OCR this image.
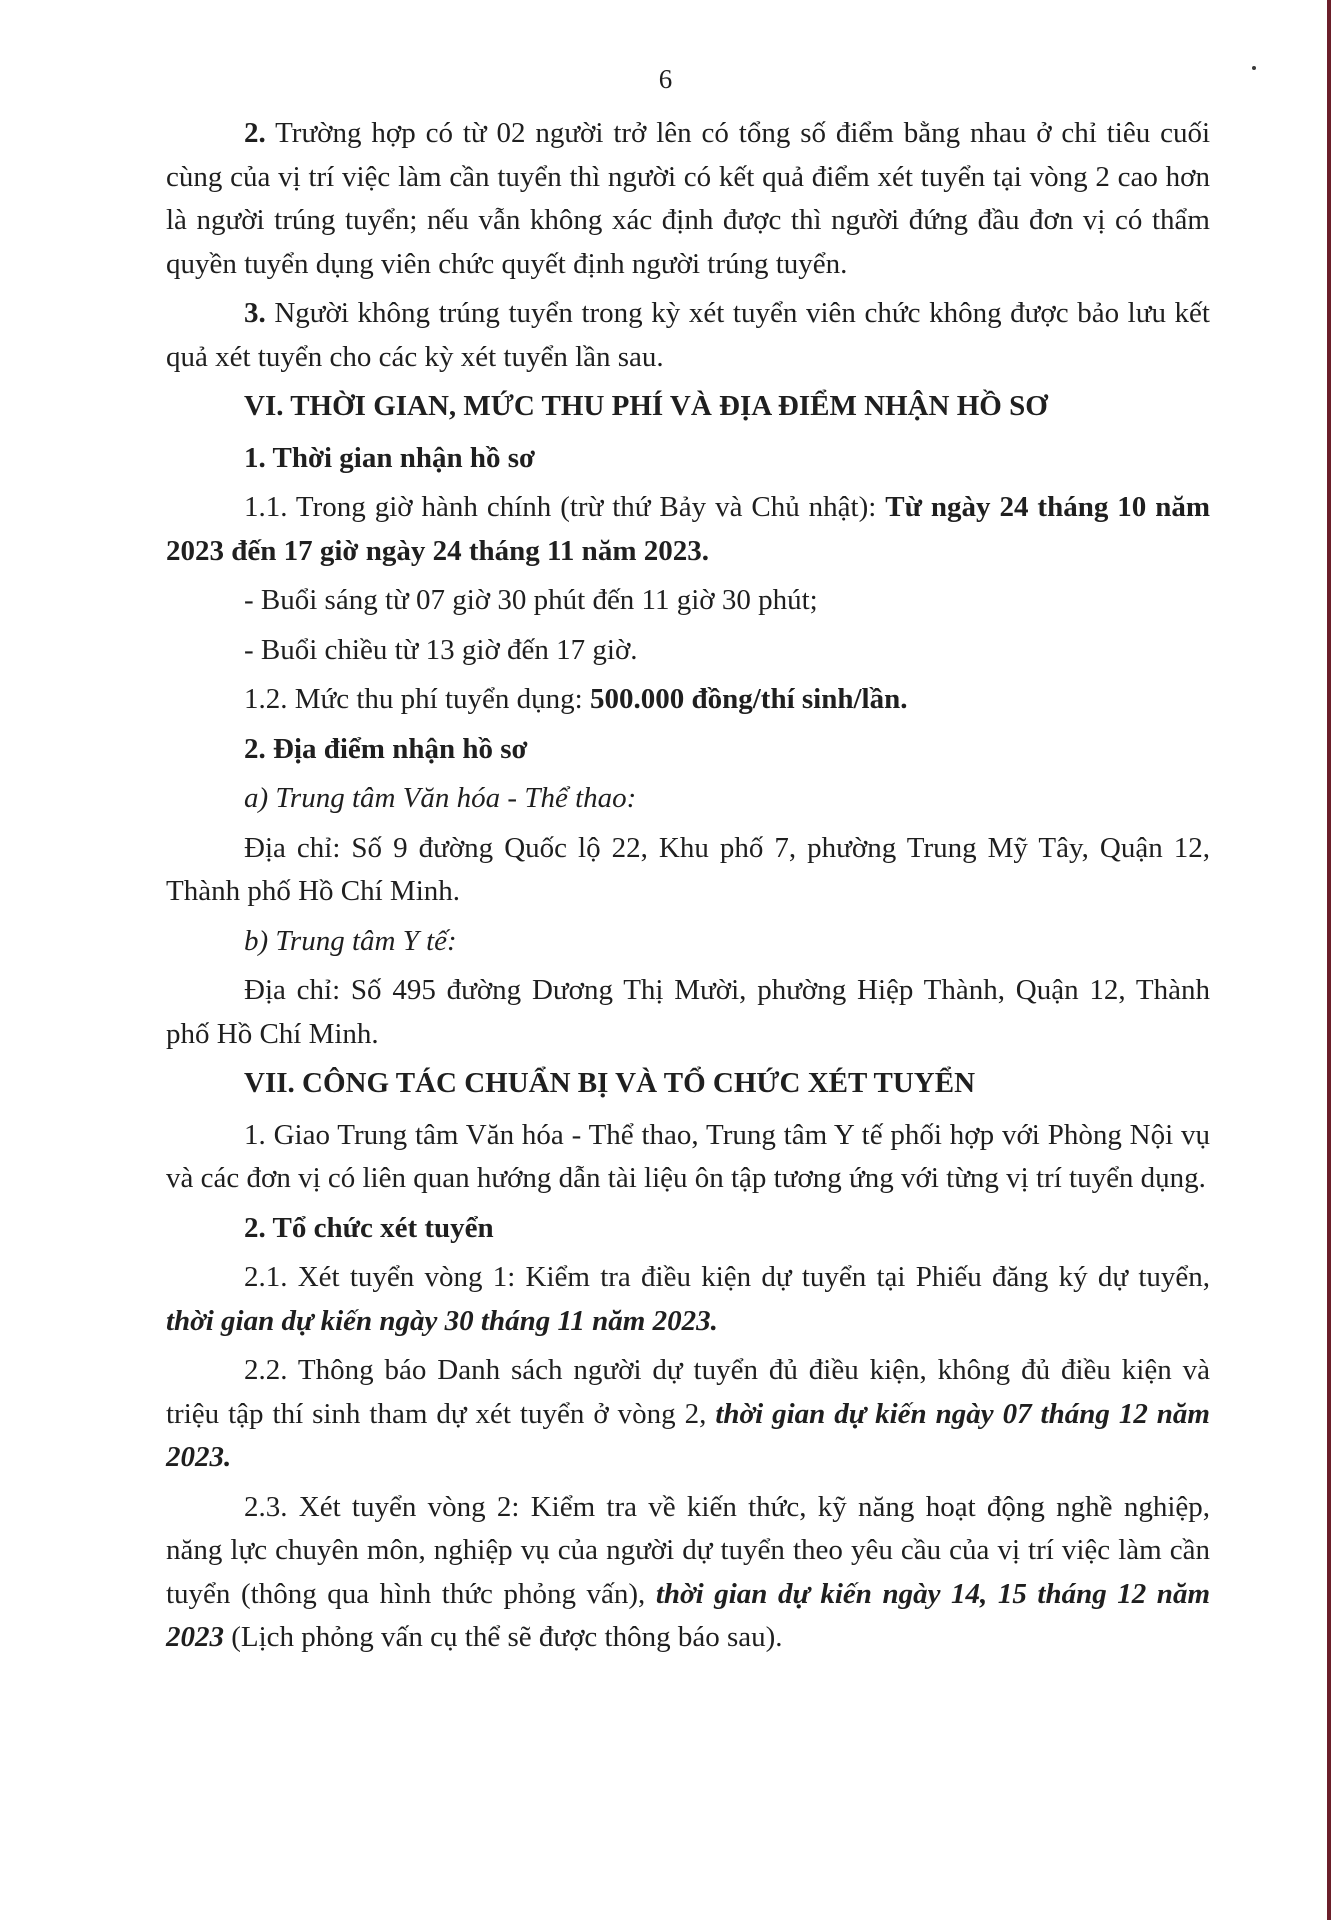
6

2. Trường hợp có từ 02 người trở lên có tổng số điểm bằng nhau ở chỉ tiêu cuối cùng của vị trí việc làm cần tuyển thì người có kết quả điểm xét tuyển tại vòng 2 cao hơn là người trúng tuyển; nếu vẫn không xác định được thì người đứng đầu đơn vị có thẩm quyền tuyển dụng viên chức quyết định người trúng tuyển.

3. Người không trúng tuyển trong kỳ xét tuyển viên chức không được bảo lưu kết quả xét tuyển cho các kỳ xét tuyển lần sau.

VI. THỜI GIAN, MỨC THU PHÍ VÀ ĐỊA ĐIỂM NHẬN HỒ SƠ

1. Thời gian nhận hồ sơ

1.1. Trong giờ hành chính (trừ thứ Bảy và Chủ nhật): Từ ngày 24 tháng 10 năm 2023 đến 17 giờ ngày 24 tháng 11 năm 2023.

- Buổi sáng từ 07 giờ 30 phút đến 11 giờ 30 phút;

- Buổi chiều từ 13 giờ đến 17 giờ.

1.2. Mức thu phí tuyển dụng: 500.000 đồng/thí sinh/lần.

2. Địa điểm nhận hồ sơ

a) Trung tâm Văn hóa - Thể thao:

Địa chỉ: Số 9 đường Quốc lộ 22, Khu phố 7, phường Trung Mỹ Tây, Quận 12, Thành phố Hồ Chí Minh.

b) Trung tâm Y tế:

Địa chỉ: Số 495 đường Dương Thị Mười, phường Hiệp Thành, Quận 12, Thành phố Hồ Chí Minh.

VII. CÔNG TÁC CHUẨN BỊ VÀ TỔ CHỨC XÉT TUYỂN

1. Giao Trung tâm Văn hóa - Thể thao, Trung tâm Y tế phối hợp với Phòng Nội vụ và các đơn vị có liên quan hướng dẫn tài liệu ôn tập tương ứng với từng vị trí tuyển dụng.

2. Tổ chức xét tuyển

2.1. Xét tuyển vòng 1: Kiểm tra điều kiện dự tuyển tại Phiếu đăng ký dự tuyển, thời gian dự kiến ngày 30 tháng 11 năm 2023.

2.2. Thông báo Danh sách người dự tuyển đủ điều kiện, không đủ điều kiện và triệu tập thí sinh tham dự xét tuyển ở vòng 2, thời gian dự kiến ngày 07 tháng 12 năm 2023.

2.3. Xét tuyển vòng 2: Kiểm tra về kiến thức, kỹ năng hoạt động nghề nghiệp, năng lực chuyên môn, nghiệp vụ của người dự tuyển theo yêu cầu của vị trí việc làm cần tuyển (thông qua hình thức phỏng vấn), thời gian dự kiến ngày 14, 15 tháng 12 năm 2023 (Lịch phỏng vấn cụ thể sẽ được thông báo sau).
